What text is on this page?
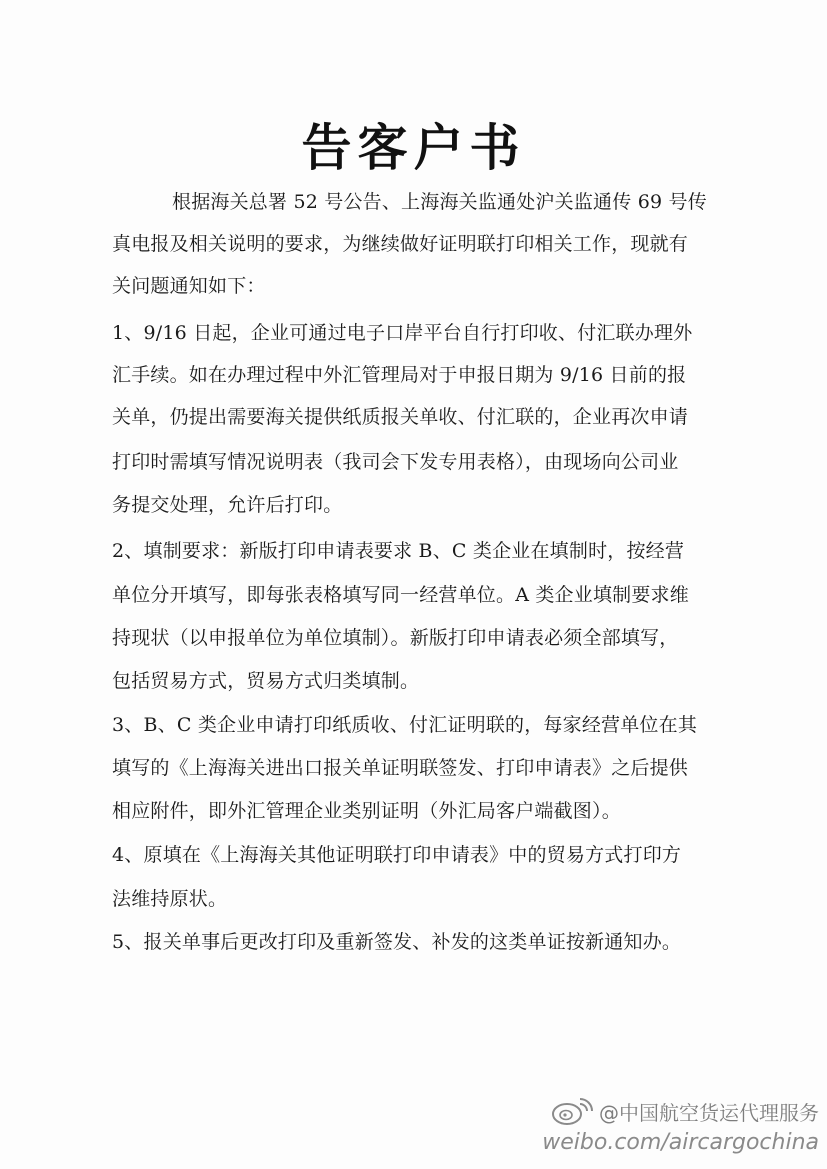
告客户书
根据海关总署 52 号公告、上海海关监通处沪关监通传 69 号传
真电报及相关说明的要求，为继续做好证明联打印相关工作，现就有
关问题通知如下：
1、9/16 日起，企业可通过电子口岸平台自行打印收、付汇联办理外
汇手续。如在办理过程中外汇管理局对于申报日期为 9/16 日前的报
关单，仍提出需要海关提供纸质报关单收、付汇联的，企业再次申请
打印时需填写情况说明表（我司会下发专用表格），由现场向公司业
务提交处理，允许后打印。
2、填制要求：新版打印申请表要求 B、C 类企业在填制时，按经营
单位分开填写，即每张表格填写同一经营单位。A 类企业填制要求维
持现状（以申报单位为单位填制）。新版打印申请表必须全部填写，
包括贸易方式，贸易方式归类填制。
3、B、C 类企业申请打印纸质收、付汇证明联的，每家经营单位在其
填写的《上海海关进出口报关单证明联签发、打印申请表》之后提供
相应附件，即外汇管理企业类别证明（外汇局客户端截图）。
4、原填在《上海海关其他证明联打印申请表》中的贸易方式打印方
法维持原状。
5、报关单事后更改打印及重新签发、补发的这类单证按新通知办。
@中国航空货运代理服务
weibo.com/aircargochina
